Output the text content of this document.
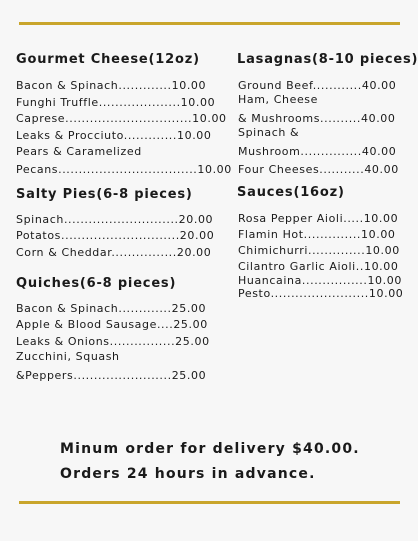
Gourmet Cheese(12oz)
Bacon & Spinach.............10.00
Funghi Truffle....................10.00
Caprese...............................10.00
Leaks & Procciuto.............10.00
Pears & Caramelized
Pecans..................................10.00
Lasagnas(8-10 pieces)
Ground Beef............40.00
Ham, Cheese
& Mushrooms..........40.00
Spinach &
Mushroom...............40.00
Four Cheeses...........40.00
Salty Pies(6-8 pieces)
Spinach............................20.00
Potatos.............................20.00
Corn & Cheddar................20.00
Sauces(16oz)
Rosa Pepper Aioli.....10.00
Flamin Hot..............10.00
Chimichurri..............10.00
Cilantro Garlic Aioli..10.00
Huancaina................10.00
Pesto........................10.00
Quiches(6-8 pieces)
Bacon & Spinach.............25.00
Apple & Blood Sausage....25.00
Leaks & Onions................25.00
Zucchini, Squash
&Peppers........................25.00
Minum order for delivery $40.00.
Orders 24 hours in advance.
